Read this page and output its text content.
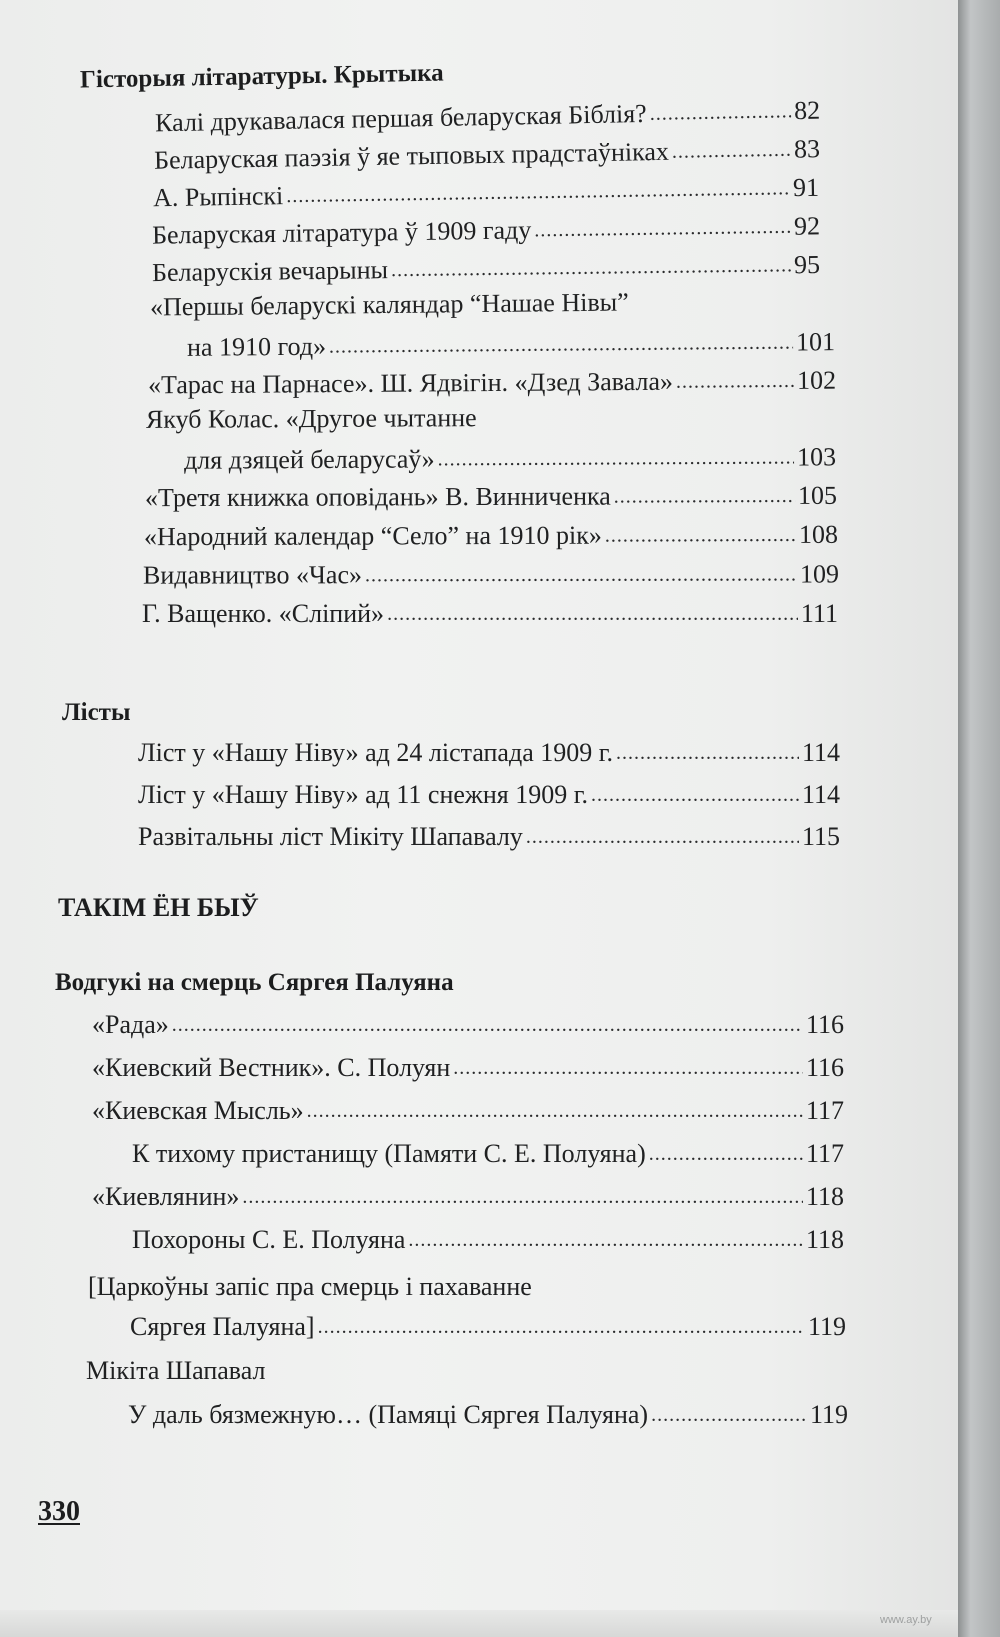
Гісторыя літаратуры. Крытыка
Калі друкавалася першая беларуская Біблія? .....	82
Беларуская паэзія ў яе тыповых прадстаўніках .....	83
А. Рыпінскі .....	91
Беларуская літаратура ў 1909 гаду .....	92
Беларускія вечарыны .....	95
«Першы беларускі каляндар “Нашае Нівы”
на 1910 год» .....	101
«Тарас на Парнасе». Ш. Ядвігін. «Дзед Завала» .....	102
Якуб Колас. «Другое чытанне
для дзяцей беларусаў» .....	103
«Третя книжка оповідань» В. Винниченка .....	105
«Народний календар “Село” на 1910 рік» .....	108
Видавництво «Час» .....	109
Г. Ващенко. «Сліпий» .....	111
Лісты
Ліст у «Нашу Ніву» ад 24 лістапада 1909 г. .....	114
Ліст у «Нашу Ніву» ад 11 снежня 1909 г. .....	114
Развітальны ліст Мікіту Шапавалу .....	115
ТАКІМ ЁН БЫЎ
Водгукі на смерць Сяргея Палуяна
«Рада» .....	116
«Киевский Вестник». С. Полуян .....	116
«Киевская Мысль» .....	117
К тихому пристанищу (Памяти С. Е. Полуяна) .....	117
«Киевлянин» .....	118
Похороны С. Е. Полуяна .....	118
[Царкоўны запіс пра смерць і пахаванне
Сяргея Палуяна] .....	119
Мікіта Шапавал
У даль бязмежную… (Памяці Сяргея Палуяна) .....	119
330
www.ay.by
